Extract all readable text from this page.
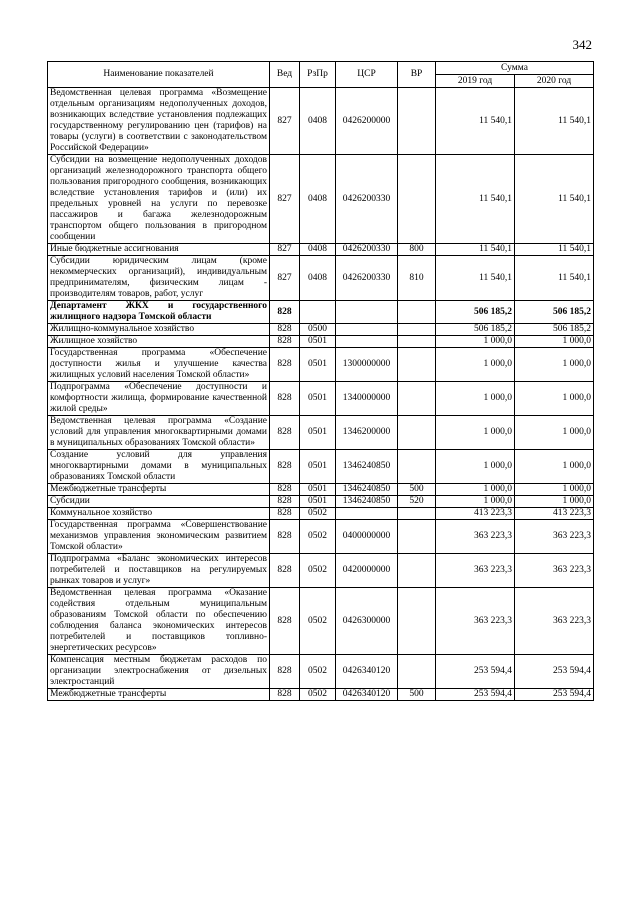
342
Наименование показателей	Вед	РзПр	ЦСР	ВР	Сумма	
					2019 год	2020 год
Ведомственная целевая программа «Возмещение отдельным организациям недополученных доходов, возникающих вследствие установления подлежащих государственному регулированию цен (тарифов) на товары (услуги) в соответствии с законодательством Российской Федерации»	827	0408	0426200000		11 540,1	11 540,1
Субсидии на возмещение недополученных доходов организаций железнодорожного транспорта общего пользования пригородного сообщения, возникающих вследствие установления тарифов и (или) их предельных уровней на услуги по перевозке пассажиров и багажа железнодорожным транспортом общего пользования в пригородном сообщении	827	0408	0426200330		11 540,1	11 540,1
Иные бюджетные ассигнования	827	0408	0426200330	800	11 540,1	11 540,1
Субсидии юридическим лицам (кроме некоммерческих организаций), индивидуальным предпринимателям, физическим лицам - производителям товаров, работ, услуг	827	0408	0426200330	810	11 540,1	11 540,1
Департамент ЖКХ и государственного жилищного надзора Томской области	828				506 185,2	506 185,2
Жилищно-коммунальное хозяйство	828	0500			506 185,2	506 185,2
Жилищное хозяйство	828	0501			1 000,0	1 000,0
Государственная программа «Обеспечение доступности жилья и улучшение качества жилищных условий населения Томской области»	828	0501	1300000000		1 000,0	1 000,0
Подпрограмма «Обеспечение доступности и комфортности жилища, формирование качественной жилой среды»	828	0501	1340000000		1 000,0	1 000,0
Ведомственная целевая программа «Создание условий для управления многоквартирными домами в муниципальных образованиях Томской области»	828	0501	1346200000		1 000,0	1 000,0
Создание условий для управления многоквартирными домами в муниципальных образованиях Томской области	828	0501	1346240850		1 000,0	1 000,0
Межбюджетные трансферты	828	0501	1346240850	500	1 000,0	1 000,0
Субсидии	828	0501	1346240850	520	1 000,0	1 000,0
Коммунальное хозяйство	828	0502			413 223,3	413 223,3
Государственная программа «Совершенствование механизмов управления экономическим развитием Томской области»	828	0502	0400000000		363 223,3	363 223,3
Подпрограмма «Баланс экономических интересов потребителей и поставщиков на регулируемых рынках товаров и услуг»	828	0502	0420000000		363 223,3	363 223,3
Ведомственная целевая программа «Оказание содействия отдельным муниципальным образованиям Томской области по обеспечению соблюдения баланса экономических интересов потребителей и поставщиков топливно-энергетических ресурсов»	828	0502	0426300000		363 223,3	363 223,3
Компенсация местным бюджетам расходов по организации электроснабжения от дизельных электростанций	828	0502	0426340120		253 594,4	253 594,4
Межбюджетные трансферты	828	0502	0426340120	500	253 594,4	253 594,4
